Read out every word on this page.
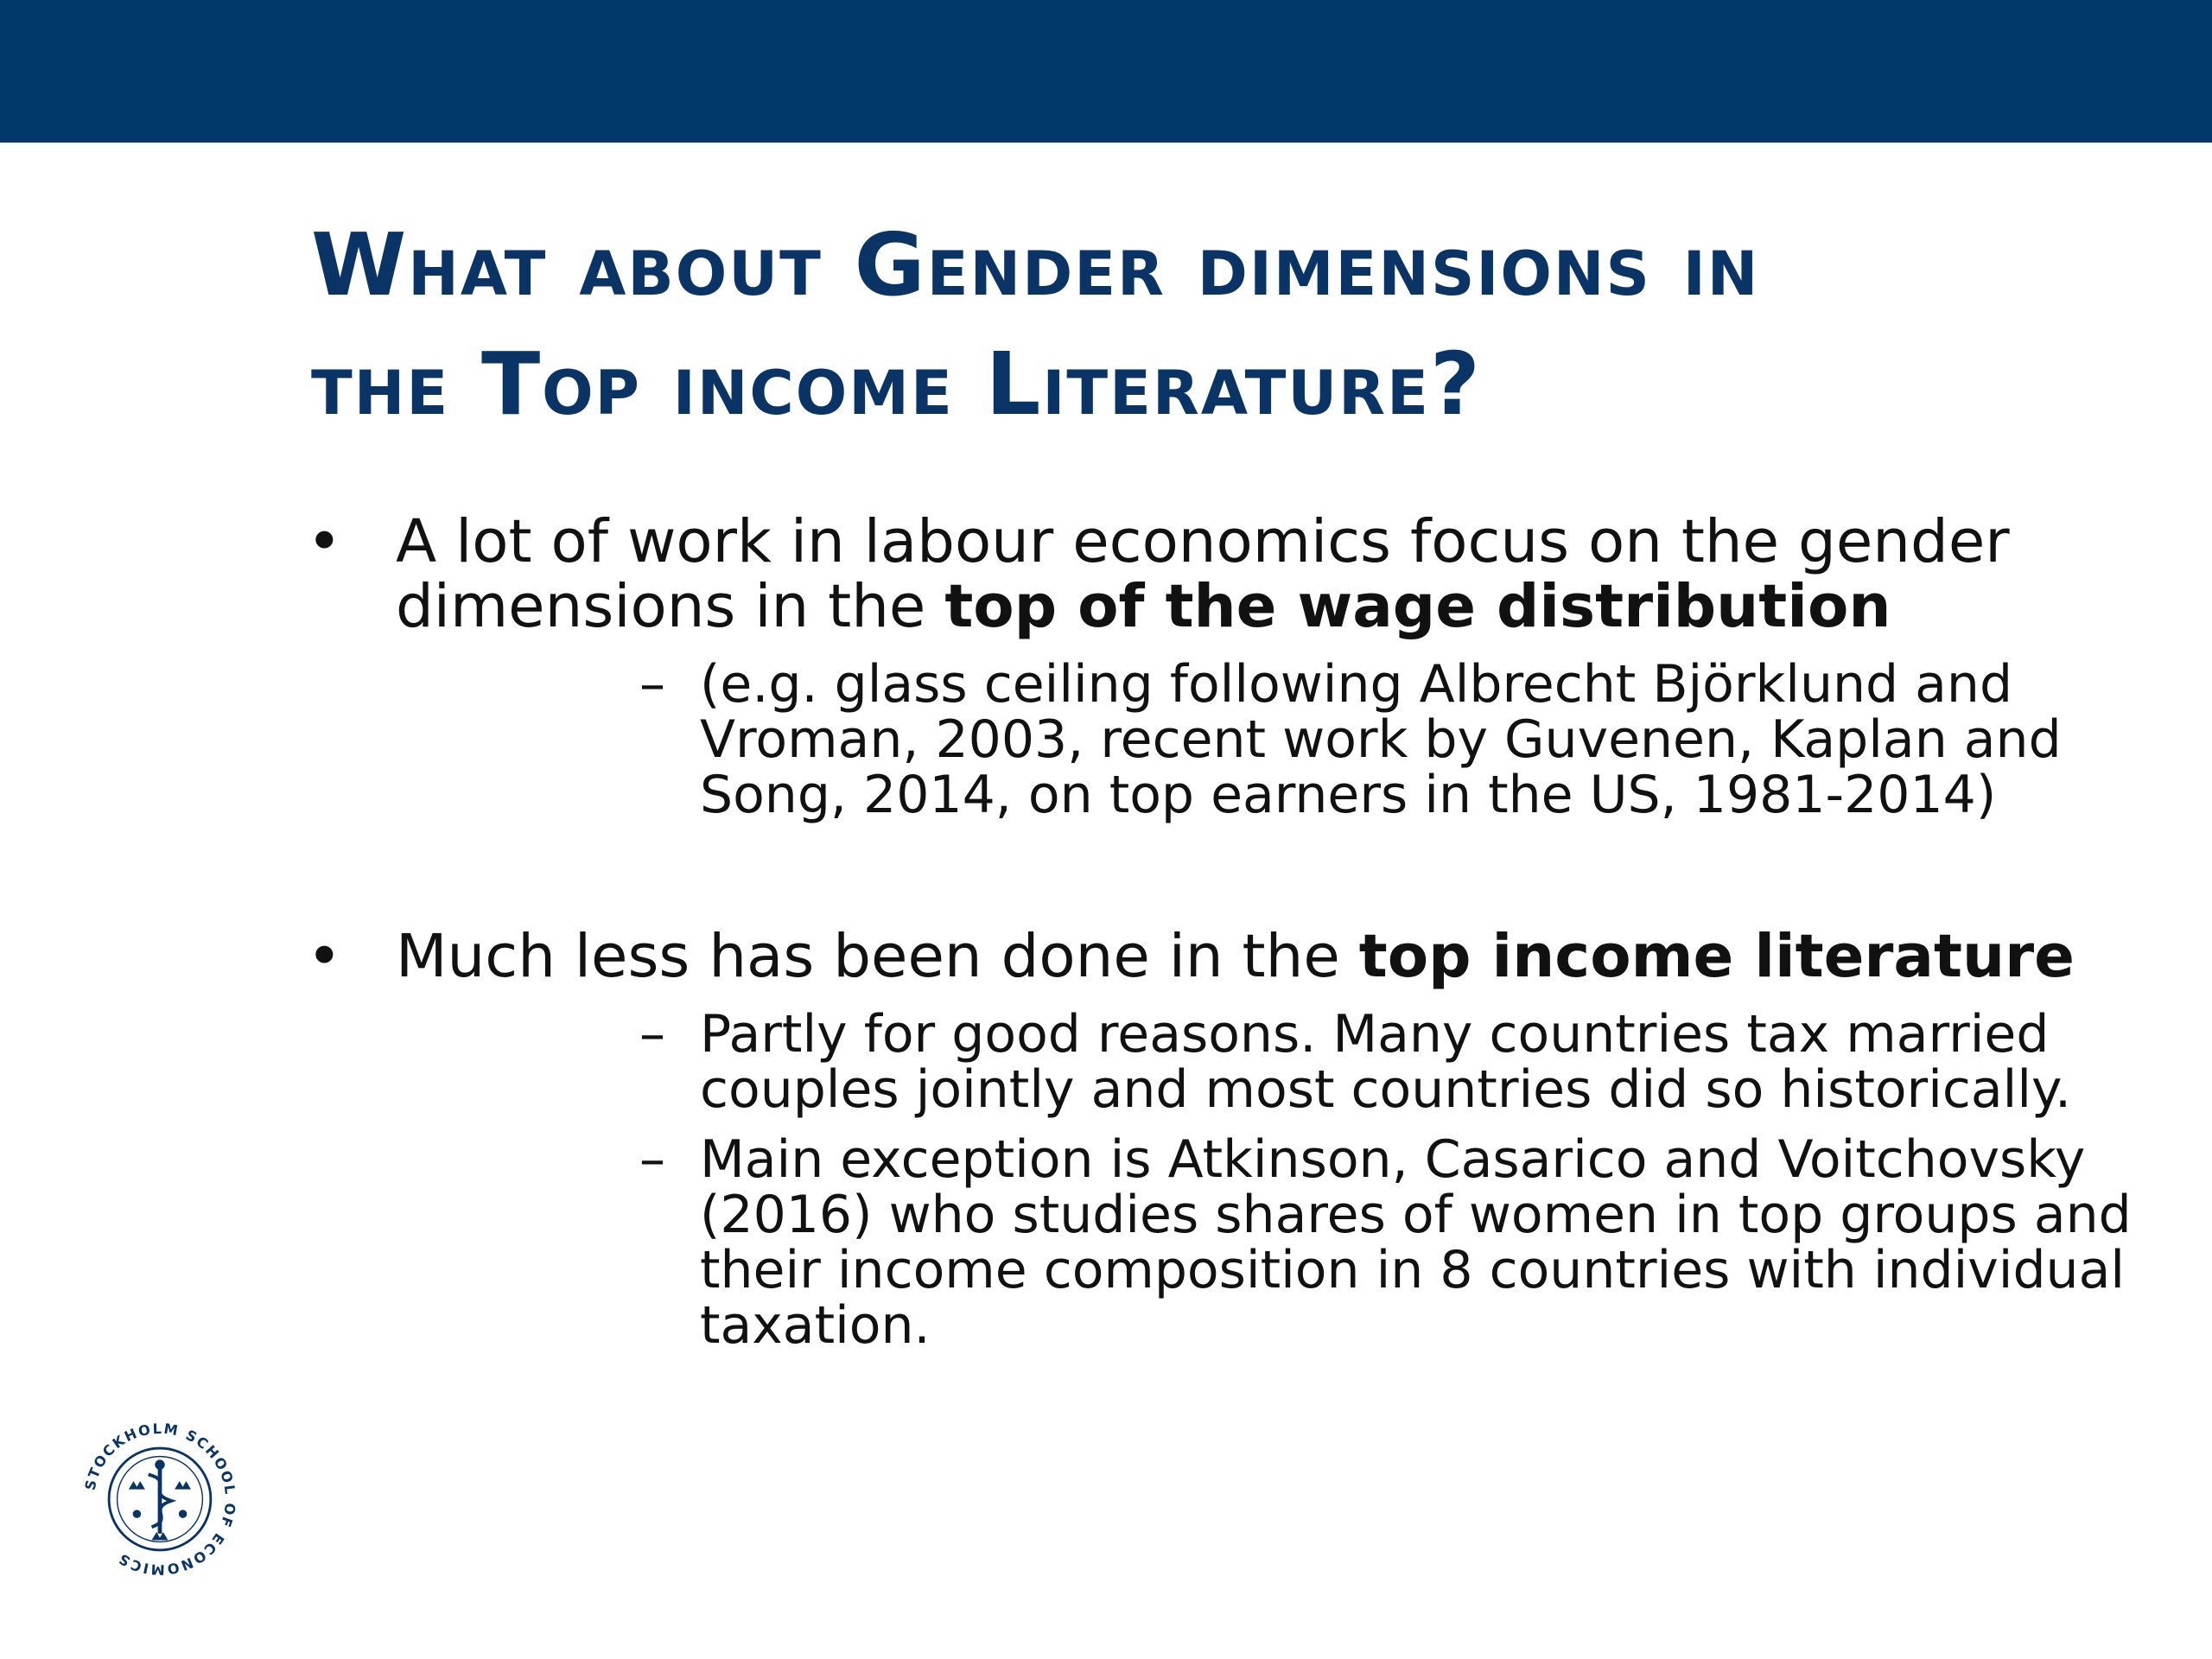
What about Gender dimensions in
the Top income Literature?
• A lot of work in labour economics focus on the gender dimensions in the top of the wage distribution
– (e.g. glass ceiling following Albrecht Björklund and Vroman, 2003, recent work by Guvenen, Kaplan and Song, 2014, on top earners in the US, 1981-2014)
• Much less has been done in the top income literature
– Partly for good reasons. Many countries tax married couples jointly and most countries did so historically.
– Main exception is Atkinson, Casarico and Voitchovsky (2016) who studies shares of women in top groups and their income composition in 8 countries with individual taxation.
STOCKHOLM SCHOOL OF ECONOMICS
